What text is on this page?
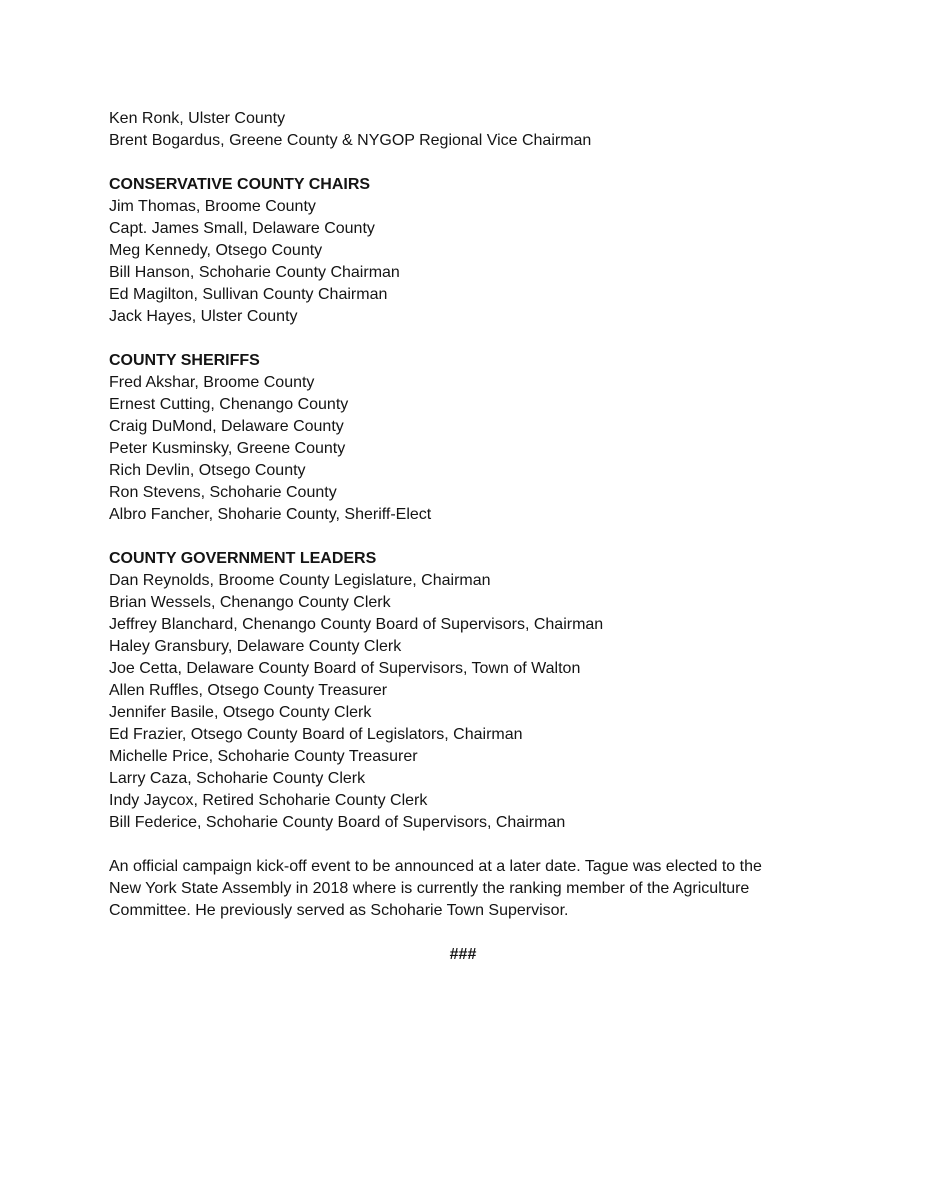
Ken Ronk, Ulster County
Brent Bogardus, Greene County & NYGOP Regional Vice Chairman
CONSERVATIVE COUNTY CHAIRS
Jim Thomas, Broome County
Capt. James Small, Delaware County
Meg Kennedy, Otsego County
Bill Hanson, Schoharie County Chairman
Ed Magilton, Sullivan County Chairman
Jack Hayes, Ulster County
COUNTY SHERIFFS
Fred Akshar, Broome County
Ernest Cutting, Chenango County
Craig DuMond, Delaware County
Peter Kusminsky, Greene County
Rich Devlin, Otsego County
Ron Stevens, Schoharie County
Albro Fancher, Shoharie County, Sheriff-Elect
COUNTY GOVERNMENT LEADERS
Dan Reynolds, Broome County Legislature, Chairman
Brian Wessels, Chenango County Clerk
Jeffrey Blanchard, Chenango County Board of Supervisors, Chairman
Haley Gransbury, Delaware County Clerk
Joe Cetta, Delaware County Board of Supervisors, Town of Walton
Allen Ruffles, Otsego County Treasurer
Jennifer Basile, Otsego County Clerk
Ed Frazier, Otsego County Board of Legislators, Chairman
Michelle Price, Schoharie County Treasurer
Larry Caza, Schoharie County Clerk
Indy Jaycox, Retired Schoharie County Clerk
Bill Federice, Schoharie County Board of Supervisors, Chairman
An official campaign kick-off event to be announced at a later date. Tague was elected to the
New York State Assembly in 2018 where is currently the ranking member of the Agriculture
Committee. He previously served as Schoharie Town Supervisor.
###
